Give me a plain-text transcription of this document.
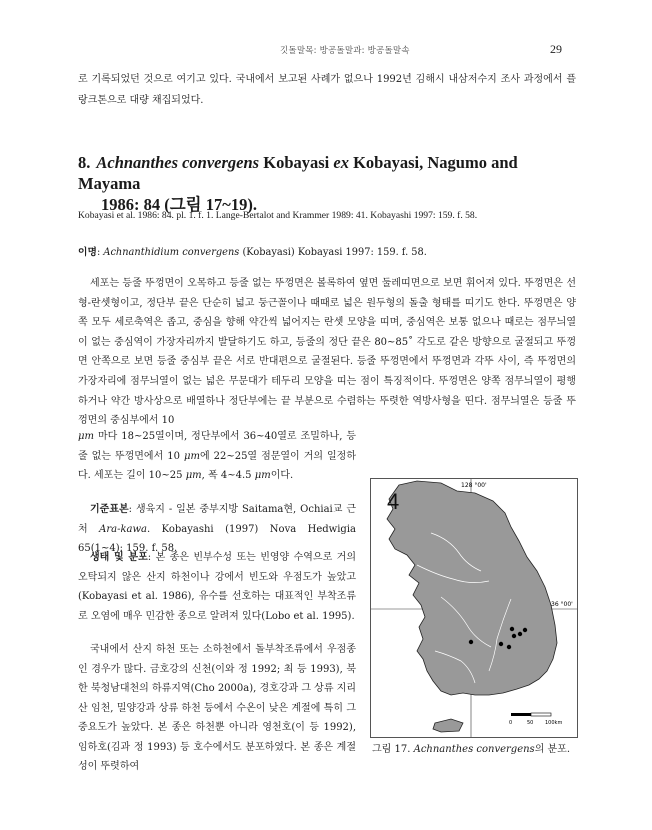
깃돌말목: 방공돌말과: 방공돌말속	29

로 기록되었던 것으로 여기고 있다. 국내에서 보고된 사례가 없으나 1992년 김해시 내삼저수지 조사 과정에서 플랑크톤으로 대량 채집되었다.

8. Achnanthes convergens Kobayasi ex Kobayasi, Nagumo and Mayama
1986: 84 (그림 17~19).

Kobayasi et al. 1986: 84. pl. 1. f. 1. Lange-Bertalot and Krammer 1989: 41. Kobayashi 1997: 159. f. 58.

이명: Achnanthidium convergens (Kobayasi) Kobayasi 1997: 159. f. 58.

세포는 등줄 뚜껑면이 오목하고 등줄 없는 뚜껑면은 볼록하여 옆면 둘레띠면으로 보면 휘어져 있다. 뚜껑면은 선형-란셋형이고, 정단부 끝은 단순히 넓고 둥근꼴이나 때때로 넓은 원두형의 돌출 형태를 띠기도 한다. 뚜껑면은 양쪽 모두 세로축역은 좁고, 중심을 향해 약간씩 넓어지는 란셋 모양을 띠며, 중심역은 보통 없으나 때로는 점무늬열이 없는 중심역이 가장자리까지 발달하기도 하고, 등줄의 정단 끝은 80~85˚ 각도로 같은 방향으로 굴절되고 뚜껑면 안쪽으로 보면 등줄 중심부 끝은 서로 반대편으로 굴절된다. 등줄 뚜껑면에서 뚜껑면과 각뚜 사이, 즉 뚜껑면의 가장자리에 점무늬열이 없는 넓은 무문대가 테두리 모양을 띠는 점이 특징적이다. 뚜껑면은 양쪽 점무늬열이 평행하거나 약간 방사상으로 배열하나 정단부에는 끝 부분으로 수렴하는 뚜렷한 역방사형을 띤다. 점무늬열은 등줄 뚜껑면의 중심부에서 10

μm 마다 18~25열이며, 정단부에서 36~40열로 조밀하나, 등줄 없는 뚜껑면에서 10 μm에 22~25열 점문열이 거의 일정하다. 세포는 길이 10~25 μm, 폭 4~4.5 μm이다.

기준표본: 생육지 - 일본 중부지방 Saitama현, Ochiai교 근처 Ara-kawa. Kobayashi (1997) Nova Hedwigia 65(1~4): 159. f. 58.

생태 및 분포: 본 종은 빈부수성 또는 빈영양 수역으로 거의 오탁되지 않은 산지 하천이나 강에서 빈도와 우점도가 높았고(Kobayasi et al. 1986), 유수를 선호하는 대표적인 부착조류로 오염에 매우 민감한 종으로 알려져 있다(Lobo et al. 1995).

국내에서 산지 하천 또는 소하천에서 돌부착조류에서 우점종인 경우가 많다. 금호강의 신천(이와 정 1992; 최 등 1993), 북한 북청남대천의 하류지역(Cho 2000a), 경호강과 그 상류 지리산 임천, 밀양강과 상류 하천 등에서 수온이 낮은 계절에 특히 그 중요도가 높았다. 본 종은 하천뿐 아니라 영천호(이 등 1992), 임하호(김과 정 1993) 등 호수에서도 분포하였다. 본 종은 계절성이 뚜렷하여

128 °00'
36 °00'
4
0	50 100km
그림 17. Achnanthes convergens의 분포.
